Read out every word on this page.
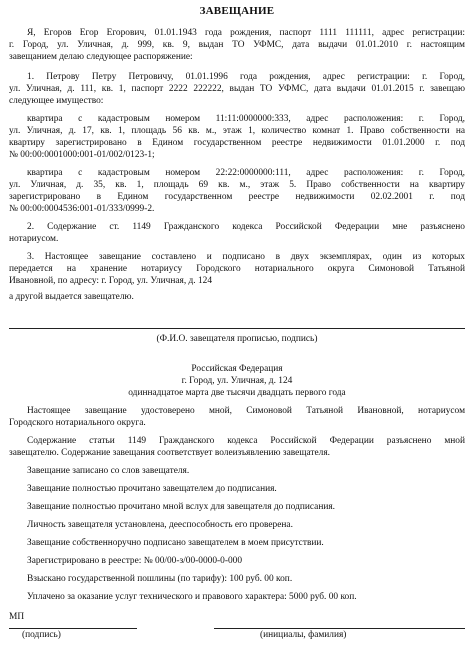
ЗАВЕЩАНИЕ
Я, Егоров Егор Егорович, 01.01.1943 года рождения, паспорт 1111 111111, адрес регистрации:
г. Город, ул. Уличная, д. 999, кв. 9, выдан ТО УФМС, дата выдачи 01.01.2010 г. настоящим
завещанием делаю следующее распоряжение:
1. Петрову Петру Петровичу, 01.01.1996 года рождения, адрес регистрации: г. Город,
ул. Уличная, д. 111, кв. 1, паспорт 2222 222222, выдан ТО УФМС, дата выдачи 01.01.2015 г. завещаю
следующее имущество:
квартира с кадастровым номером 11:11:0000000:333, адрес расположения: г. Город,
ул. Уличная, д. 17, кв. 1, площадь 56 кв. м., этаж 1, количество комнат 1. Право собственности на
квартиру зарегистрировано в Едином государственном реестре недвижимости 01.01.2000 г. под
№ 00:00:0001000:001-01/002/0123-1;
квартира с кадастровым номером 22:22:0000000:111, адрес расположения: г. Город,
ул. Уличная, д. 35, кв. 1, площадь 69 кв. м., этаж 5. Право собственности на квартиру
зарегистрировано в Едином государственном реестре недвижимости 02.02.2001 г. под
№ 00:00:0004536:001-01/333/0999-2.
2. Содержание ст. 1149 Гражданского кодекса Российской Федерации мне разъяснено
нотариусом.
3. Настоящее завещание составлено и подписано в двух экземплярах, один из которых
передается на хранение нотариусу Городского нотариального округа Симоновой Татьяной
Ивановной, по адресу: г. Город, ул. Уличная, д. 124
а другой выдается завещателю.
(Ф.И.О. завещателя прописью, подпись)
Российская Федерация
г. Город, ул. Уличная, д. 124
одиннадцатое марта две тысячи двадцать первого года
Настоящее завещание удостоверено мной, Симоновой Татьяной Ивановной, нотариусом
Городского нотариального округа.
Содержание статьи 1149 Гражданского кодекса Российской Федерации разъяснено мной
завещателю. Содержание завещания соответствует волеизъявлению завещателя.
Завещание записано со слов завещателя.
Завещание полностью прочитано завещателем до подписания.
Завещание полностью прочитано мной вслух для завещателя до подписания.
Личность завещателя установлена, дееспособность его проверена.
Завещание собственноручно подписано завещателем в моем присутствии.
Зарегистрировано в реестре: № 00/00-з/00-0000-0-000
Взыскано государственной пошлины (по тарифу): 100 руб. 00 коп.
Уплачено за оказание услуг технического и правового характера: 5000 руб. 00 коп.
МП
(подпись)	(инициалы, фамилия)
